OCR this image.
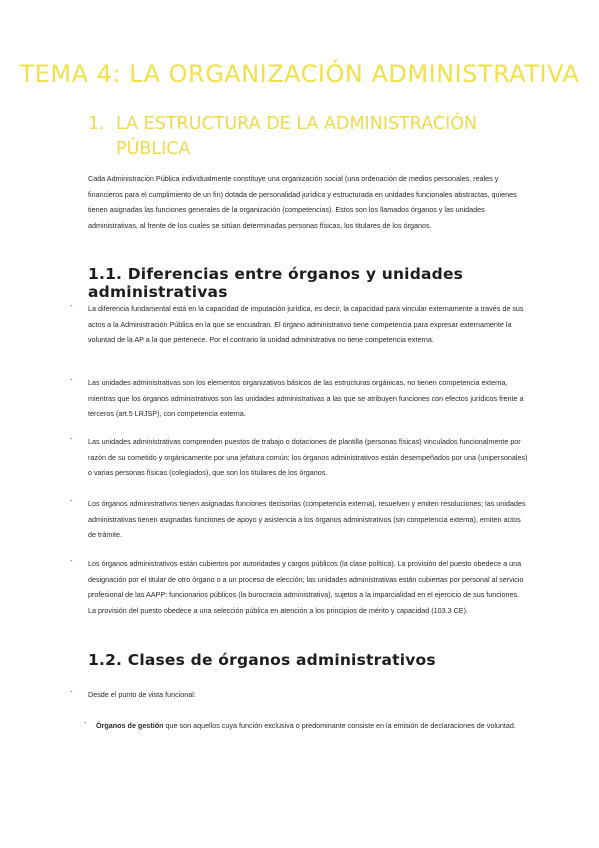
TEMA 4: LA ORGANIZACIÓN ADMINISTRATIVA
1. LA ESTRUCTURA DE LA ADMINISTRACIÓN PÚBLICA
Cada Administración Pública individualmente constituye una organización social (una ordenación de medios personales, reales y financieros para el cumplimiento de un fin) dotada de personalidad jurídica y estructurada en unidades funcionales abstractas, quienes tienen asignadas las funciones generales de la organización (competencias). Estos son los llamados órganos y las unidades administrativas, al frente de los cuales se sitúan determinadas personas físicas, los titulares de los órganos.
1.1. Diferencias entre órganos y unidades administrativas
-	La diferencia fundamental está en la capacidad de imputación jurídica, es decir, la capacidad para vincular externamente a través de sus actos a la Administración Pública en la que se encuadran. El órgano administrativo tiene competencia para expresar externamente la voluntad de la AP a la que pertenece. Por el contrario la unidad administrativa no tiene competencia externa.
-	Las unidades administrativas son los elementos organizativos básicos de las estructuras orgánicas, no tienen competencia externa, mientras que los órganos administrativos son las unidades administrativas a las que se atribuyen funciones con efectos jurídicos frente a terceros (art.5 LRJSP), con competencia externa.
-	Las unidades administrativas comprenden puestos de trabajo o dotaciones de plantilla (personas físicas) vinculados funcionalmente por razón de su cometido y orgánicamente por una jefatura común; los órganos administrativos están desempeñados por una (unipersonales) o varias personas físicas (colegiados), que son los titulares de los órganos.
-	Los órganos administrativos tienen asignadas funciones decisorias (competencia externa), resuelven y emiten resoluciones; las unidades administrativas tienen asignadas funciones de apoyo y asistencia a los órganos administrativos (sin competencia externa), emiten actos de trámite.
-	Los órganos administrativos están cubiertos por autoridades y cargos públicos (la clase política). La provisión del puesto obedece a una designación por el titular de otro órgano o a un proceso de elección; las unidades administrativas están cubiertas por personal al servicio profesional de las AAPP: funcionarios públicos (la burocracia administrativa), sujetos a la imparcialidad en el ejercicio de sus funciones. La provisión del puesto obedece a una selección pública en atención a los principios de mérito y capacidad (103.3 CE).
1.2. Clases de órganos administrativos
-	Desde el punto de vista funcional:
-	Órganos de gestión que son aquellos cuya función exclusiva o predominante consiste en la emisión de declaraciones de voluntad.
